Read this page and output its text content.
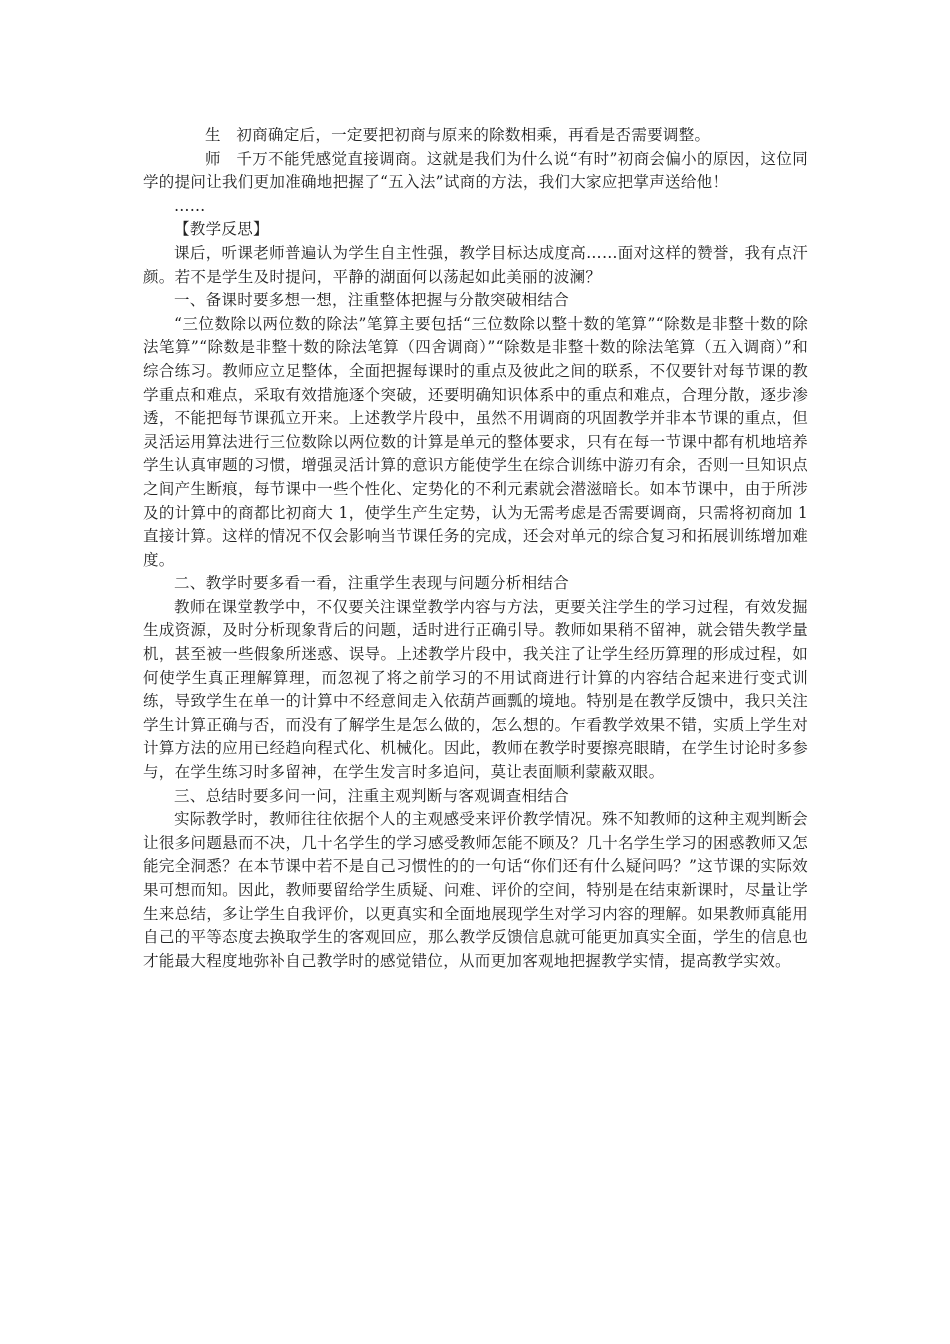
生 初商确定后，一定要把初商与原来的除数相乘，再看是否需要调整。

师 千万不能凭感觉直接调商。这就是我们为什么说“有时”初商会偏小的原因，这位同学的提问让我们更加准确地把握了“五入法”试商的方法，我们大家应把掌声送给他！

……

【教学反思】

课后，听课老师普遍认为学生自主性强，教学目标达成度高……面对这样的赞誉，我有点汗颜。若不是学生及时提问，平静的湖面何以荡起如此美丽的波澜？

一、备课时要多想一想，注重整体把握与分散突破相结合

“三位数除以两位数的除法”笔算主要包括“三位数除以整十数的笔算”“除数是非整十数的除法笔算”“除数是非整十数的除法笔算（四舍调商）”“除数是非整十数的除法笔算（五入调商）”和综合练习。教师应立足整体，全面把握每课时的重点及彼此之间的联系，不仅要针对每节课的教学重点和难点，采取有效措施逐个突破，还要明确知识体系中的重点和难点，合理分散，逐步渗透，不能把每节课孤立开来。上述教学片段中，虽然不用调商的巩固教学并非本节课的重点，但灵活运用算法进行三位数除以两位数的计算是单元的整体要求，只有在每一节课中都有机地培养学生认真审题的习惯，增强灵活计算的意识方能使学生在综合训练中游刃有余，否则一旦知识点之间产生断痕，每节课中一些个性化、定势化的不利元素就会潜滋暗长。如本节课中，由于所涉及的计算中的商都比初商大 1，使学生产生定势，认为无需考虑是否需要调商，只需将初商加 1 直接计算。这样的情况不仅会影响当节课任务的完成，还会对单元的综合复习和拓展训练增加难度。

二、教学时要多看一看，注重学生表现与问题分析相结合

教师在课堂教学中，不仅要关注课堂教学内容与方法，更要关注学生的学习过程，有效发掘生成资源，及时分析现象背后的问题，适时进行正确引导。教师如果稍不留神，就会错失教学量机，甚至被一些假象所迷惑、误导。上述教学片段中，我关注了让学生经历算理的形成过程，如何使学生真正理解算理，而忽视了将之前学习的不用试商进行计算的内容结合起来进行变式训练，导致学生在单一的计算中不经意间走入依葫芦画瓢的境地。特别是在教学反馈中，我只关注学生计算正确与否，而没有了解学生是怎么做的，怎么想的。乍看教学效果不错，实质上学生对计算方法的应用已经趋向程式化、机械化。因此，教师在教学时要擦亮眼睛，在学生讨论时多参与，在学生练习时多留神，在学生发言时多追问，莫让表面顺利蒙蔽双眼。

三、总结时要多问一问，注重主观判断与客观调查相结合

实际教学时，教师往往依据个人的主观感受来评价教学情况。殊不知教师的这种主观判断会让很多问题悬而不决，几十名学生的学习感受教师怎能不顾及？几十名学生学习的困惑教师又怎能完全洞悉？在本节课中若不是自己习惯性的的一句话“你们还有什么疑问吗？”这节课的实际效果可想而知。因此，教师要留给学生质疑、问难、评价的空间，特别是在结束新课时，尽量让学生来总结，多让学生自我评价，以更真实和全面地展现学生对学习内容的理解。如果教师真能用自己的平等态度去换取学生的客观回应，那么教学反馈信息就可能更加真实全面，学生的信息也才能最大程度地弥补自己教学时的感觉错位，从而更加客观地把握教学实情，提高教学实效。
